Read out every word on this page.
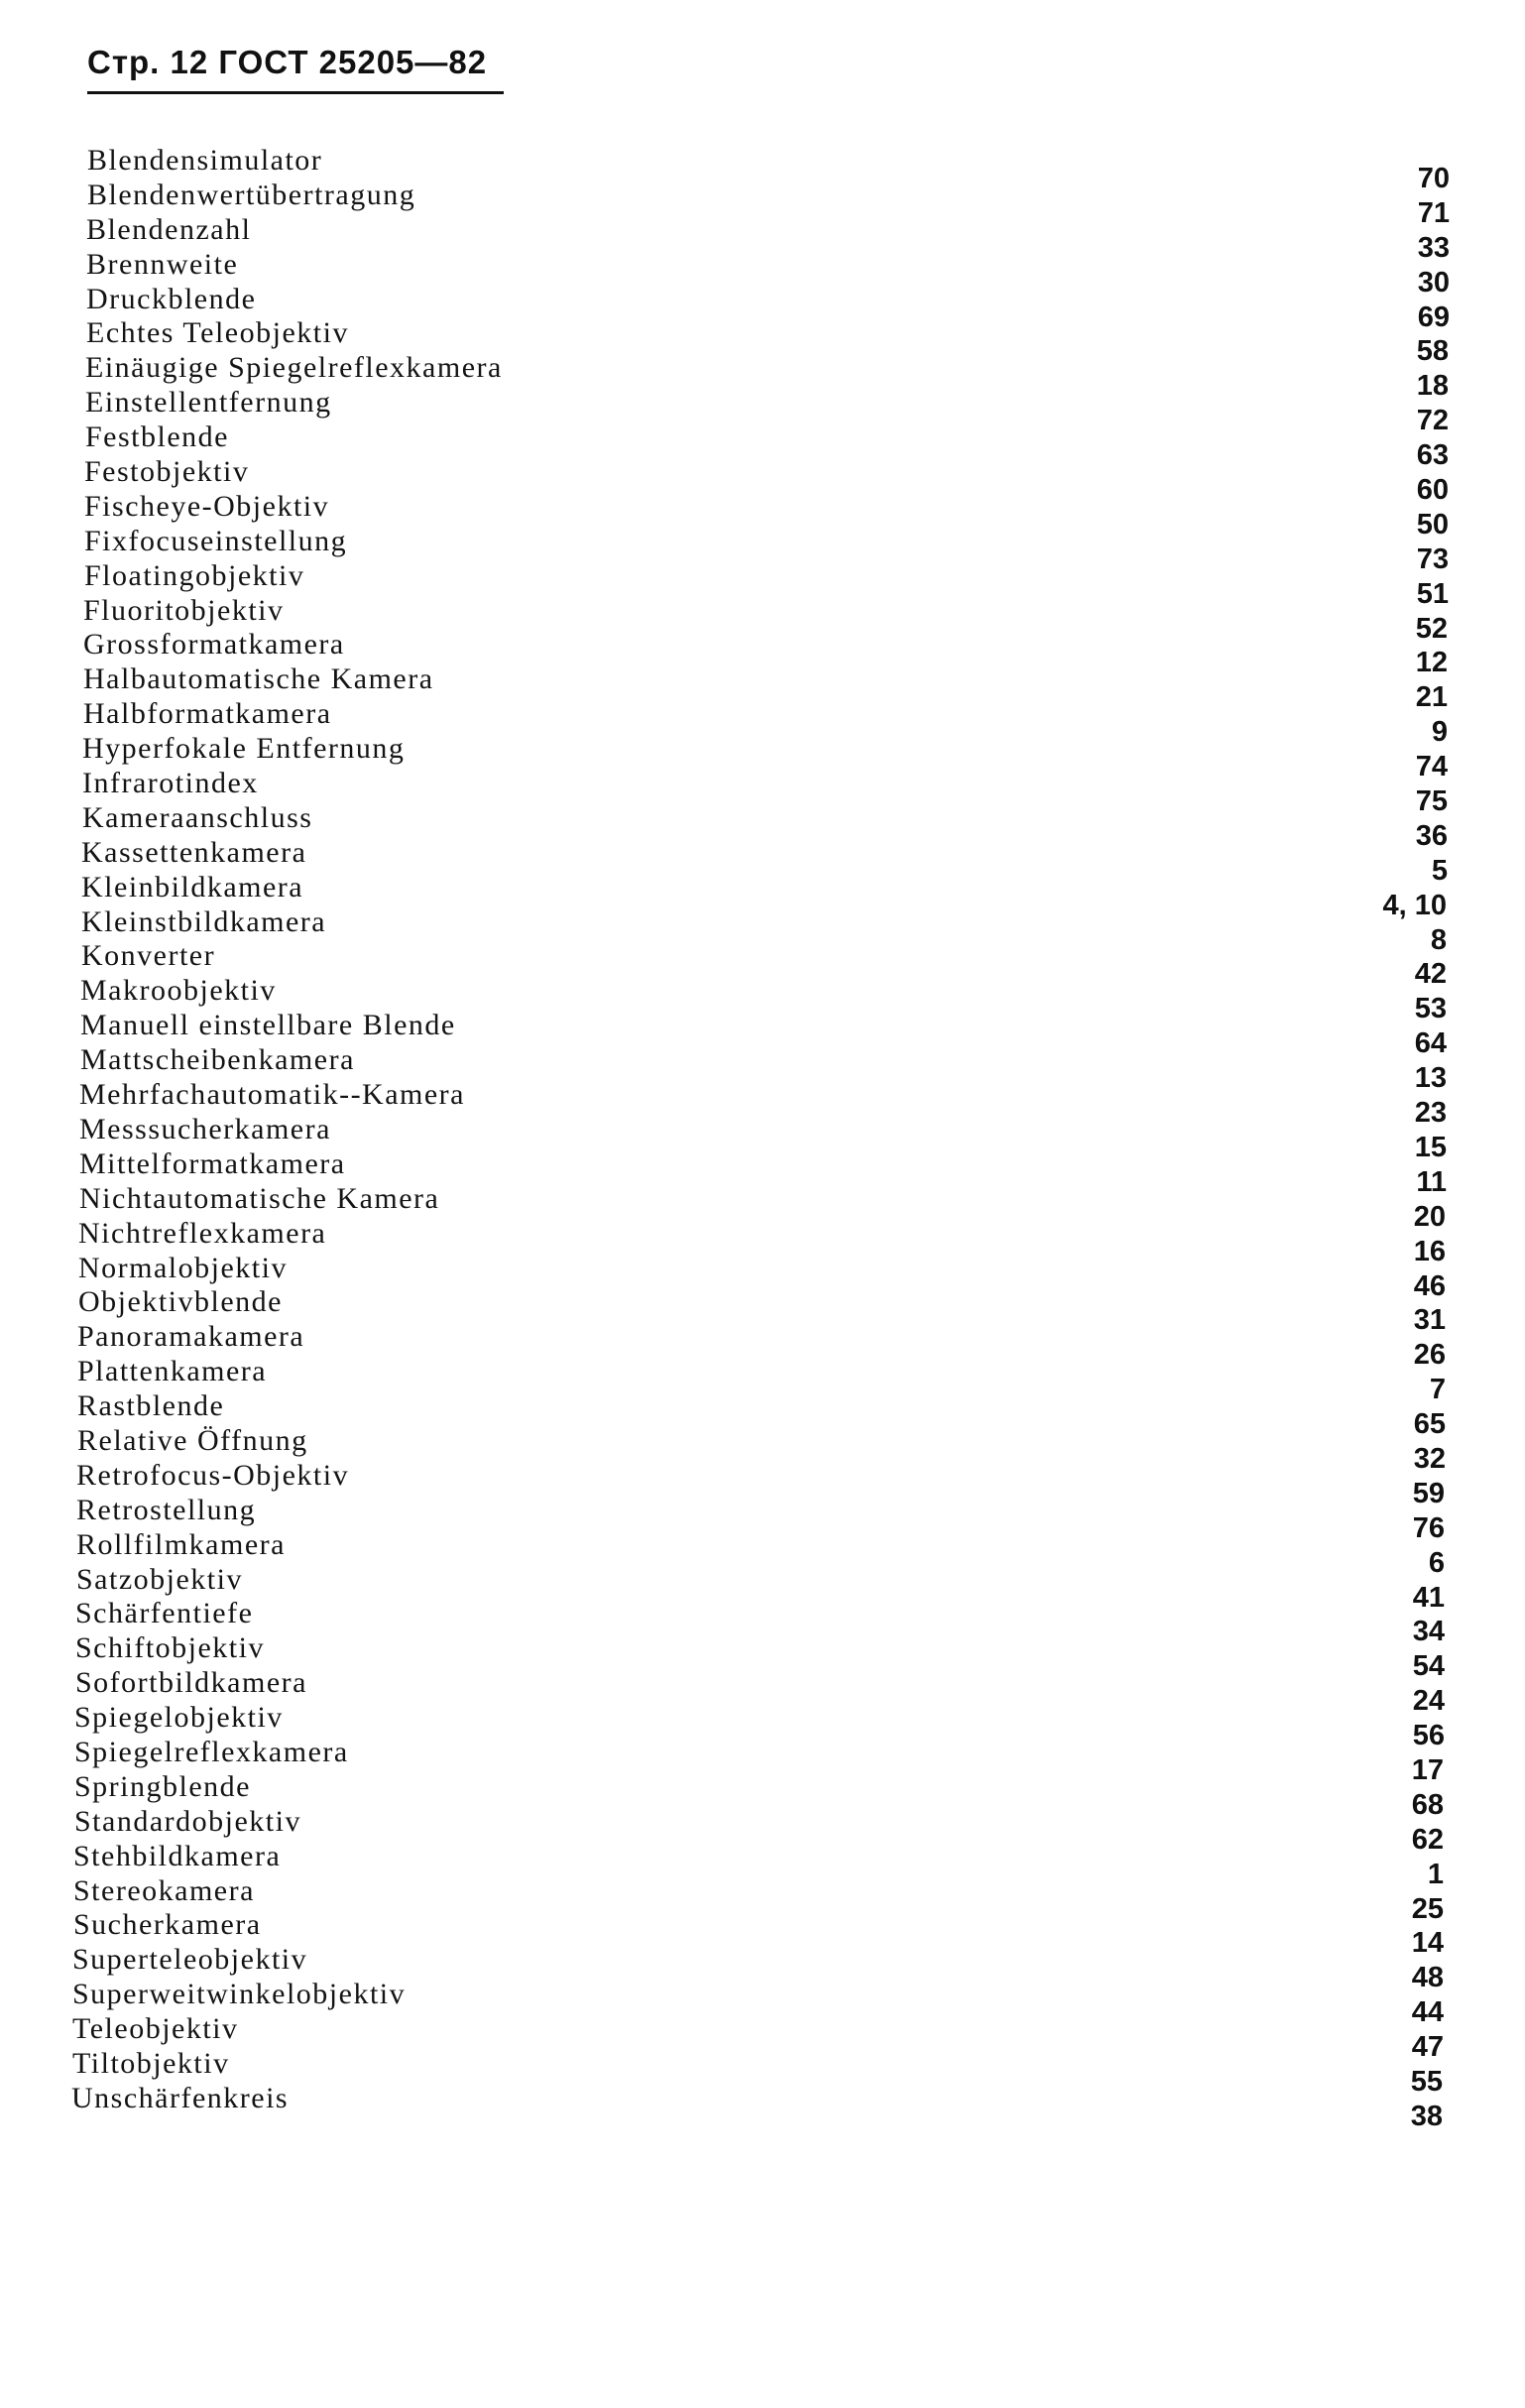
Стр. 12 ГОСТ 25205—82
Blendensimulator
70
Blendenwertübertragung
71
Blendenzahl
33
Brennweite
30
Druckblende
69
Echtes Teleobjektiv
58
Einäugige Spiegelreflexkamera
18
Einstellentfernung
72
Festblende
63
Festobjektiv
60
Fischeye-Objektiv
50
Fixfocuseinstellung
73
Floatingobjektiv
51
Fluoritobjektiv
52
Grossformatkamera
12
Halbautomatische Kamera
21
Halbformatkamera
9
Hyperfokale Entfernung
74
Infrarotindex
75
Kameraanschluss
36
Kassettenkamera
5
Kleinbildkamera
4, 10
Kleinstbildkamera
8
Konverter
42
Makroobjektiv
53
Manuell einstellbare Blende
64
Mattscheibenkamera
13
Mehrfachautomatik--Kamera
23
Messsucherkamera
15
Mittelformatkamera
11
Nichtautomatische Kamera
20
Nichtreflexkamera
16
Normalobjektiv
46
Objektivblende
31
Panoramakamera
26
Plattenkamera
7
Rastblende
65
Relative Öffnung
32
Retrofocus-Objektiv
59
Retrostellung
76
Rollfilmkamera
6
Satzobjektiv
41
Schärfentiefe
34
Schiftobjektiv
54
Sofortbildkamera
24
Spiegelobjektiv
56
Spiegelreflexkamera
17
Springblende
68
Standardobjektiv
62
Stehbildkamera
1
Stereokamera
25
Sucherkamera
14
Superteleobjektiv
48
Superweitwinkelobjektiv
44
Teleobjektiv
47
Tiltobjektiv
55
Unschärfenkreis
38
